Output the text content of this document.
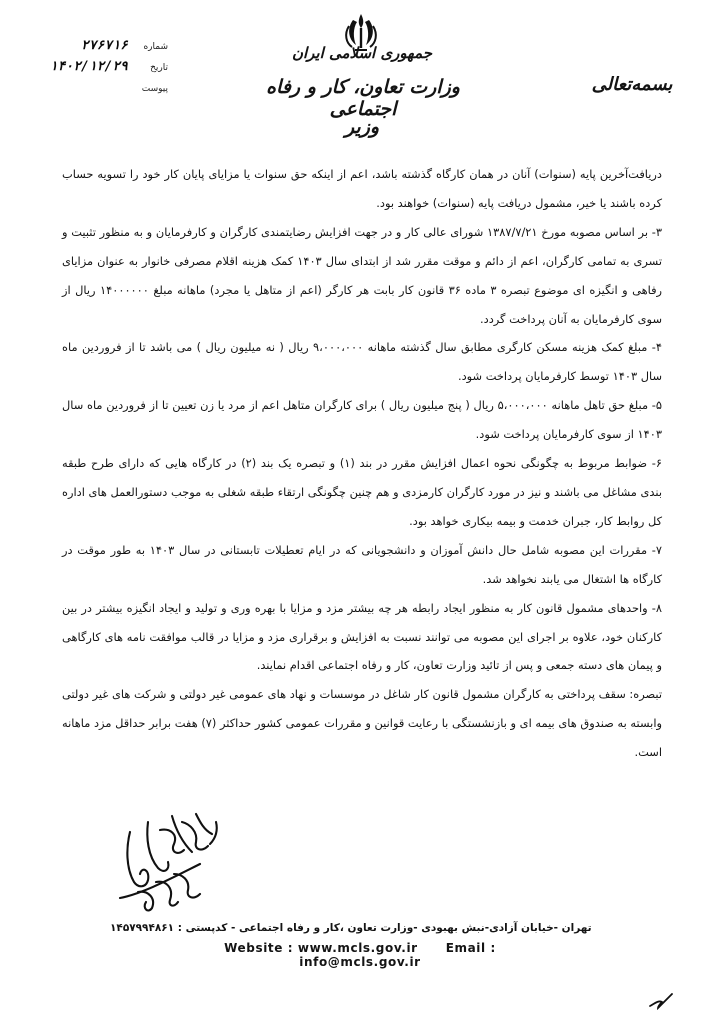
جمهوری اسلامی ایران
وزارت تعاون، کار و رفاه اجتماعی
وزیر
بسمه‌تعالی
شماره
۲۷۶۷۱۶
تاریخ
۱۴۰۲/۱۲/۲۹
پیوست

دریافت‌آخرین پایه (سنوات) آنان در همان کارگاه گذشته باشد، اعم از اینکه حق سنوات یا مزایای پایان کار خود را تسویه حساب کرده باشند یا خیر، مشمول دریافت پایه (سنوات) خواهند بود.

۳- بر اساس مصوبه مورخ ۱۳۸۷/۷/۲۱ شورای عالی کار و در جهت افزایش رضایتمندی کارگران و کارفرمایان و به منظور تثبیت و تسری به تمامی کارگران، اعم از دائم و موقت مقرر شد از ابتدای سال ۱۴۰۳ کمک هزینه اقلام مصرفی خانوار به عنوان مزایای رفاهی و انگیزه ای موضوع تبصره ۳ ماده ۳۶ قانون کار بابت هر کارگر (اعم از متاهل یا مجرد) ماهانه مبلغ ۱۴۰۰۰۰۰۰ ریال از سوی کارفرمایان به آنان پرداخت گردد.

۴- مبلغ کمک هزینه مسکن کارگری مطابق سال گذشته ماهانه ۹،۰۰۰،۰۰۰ ریال ( نه میلیون ریال ) می باشد تا از فروردین ماه سال ۱۴۰۳ توسط کارفرمایان پرداخت شود.

۵- مبلغ حق تاهل ماهانه ۵،۰۰۰،۰۰۰ ریال ( پنج میلیون ریال ) برای کارگران متاهل اعم از مرد یا زن تعیین تا از فروردین ماه سال ۱۴۰۳ از سوی کارفرمایان پرداخت شود.

۶- ضوابط مربوط به چگونگی نحوه اعمال افزایش مقرر در بند (۱) و تبصره یک بند (۲) در کارگاه هایی که دارای طرح طبقه بندی مشاغل می باشند و نیز در مورد کارگران کارمزدی و هم چنین چگونگی ارتقاء طبقه شغلی به موجب دستورالعمل های اداره کل روابط کار، جبران خدمت و بیمه بیکاری خواهد بود.

۷- مقررات این مصوبه شامل حال دانش آموزان و دانشجویانی که در ایام تعطیلات تابستانی در سال ۱۴۰۳ به طور موقت در کارگاه ها اشتغال می یابند نخواهد شد.

۸- واحدهای مشمول قانون کار به منظور ایجاد رابطه هر چه بیشتر مزد و مزایا با بهره وری و تولید و ایجاد انگیزه بیشتر در بین کارکنان خود، علاوه بر اجرای این مصوبه می توانند نسبت به افزایش و برقراری مزد و مزایا در قالب موافقت نامه های کارگاهی و پیمان های دسته جمعی و پس از تائید وزارت تعاون، کار و رفاه اجتماعی اقدام نمایند.

تبصره: سقف پرداختی به کارگران مشمول قانون کار شاغل در موسسات و نهاد های عمومی غیر دولتی و شرکت های غیر دولتی وابسته به صندوق های بیمه ای و بازنشستگی با رعایت قوانین و مقررات عمومی کشور حداکثر (۷) هفت برابر حداقل مزد ماهانه است.

تهران -خیابان آزادی-نبش بهبودی -وزارت تعاون ،کار و رفاه اجتماعی - کدپستی : ۱۴۵۷۹۹۴۸۶۱
Website : www.mcls.gov.ir Email : info@mcls.gov.ir
